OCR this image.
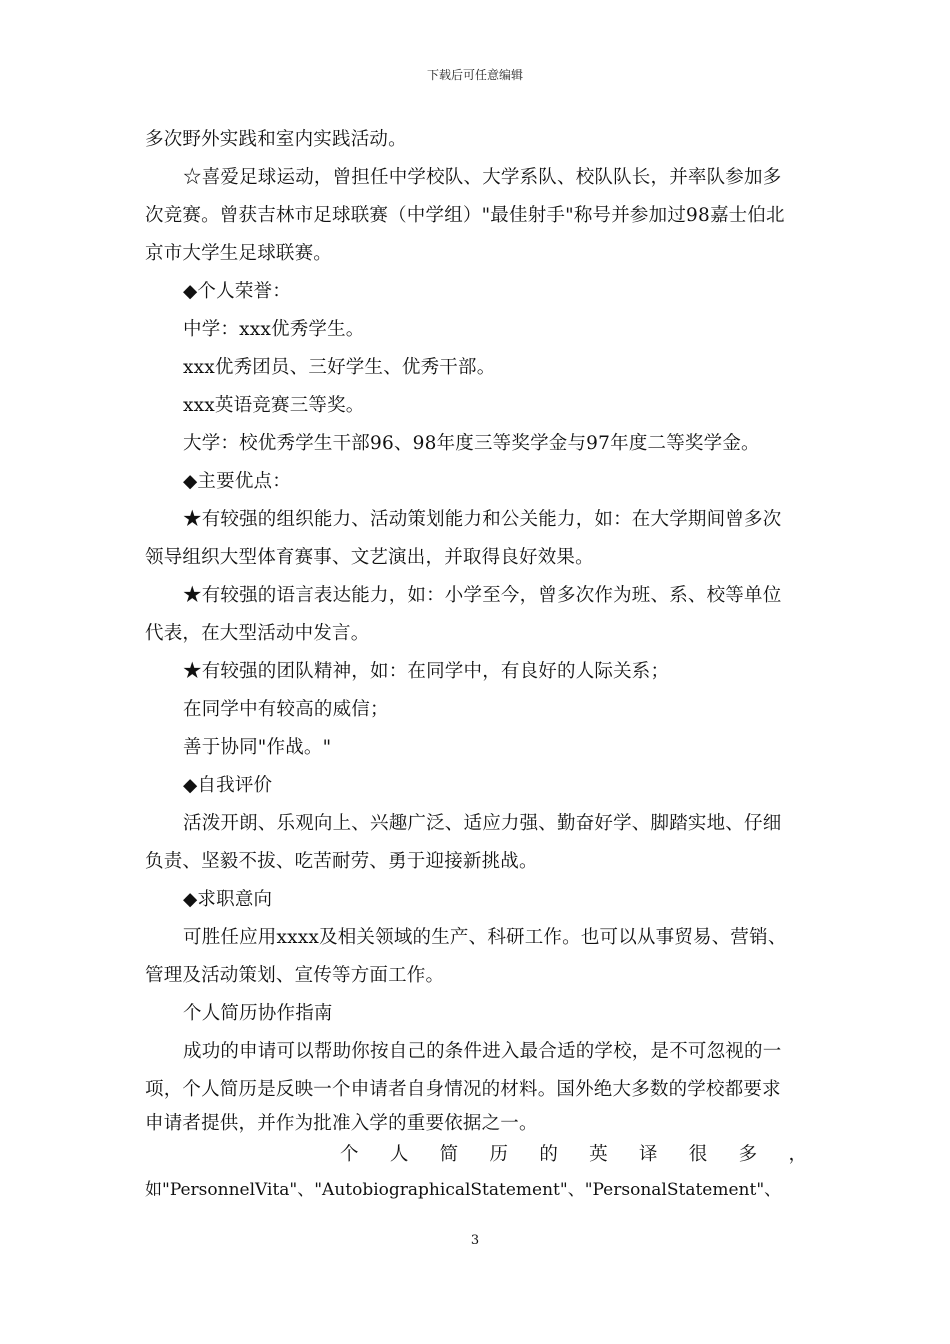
下载后可任意编辑
多次野外实践和室内实践活动。
☆喜爱足球运动，曾担任中学校队、大学系队、校队队长，并率队参加多
次竞赛。曾获吉林市足球联赛（中学组）"最佳射手"称号并参加过98嘉士伯北
京市大学生足球联赛。
◆个人荣誉：
中学：xxx优秀学生。
xxx优秀团员、三好学生、优秀干部。
xxx英语竞赛三等奖。
大学：校优秀学生干部96、98年度三等奖学金与97年度二等奖学金。
◆主要优点：
★有较强的组织能力、活动策划能力和公关能力，如：在大学期间曾多次
领导组织大型体育赛事、文艺演出，并取得良好效果。
★有较强的语言表达能力，如：小学至今，曾多次作为班、系、校等单位
代表，在大型活动中发言。
★有较强的团队精神，如：在同学中，有良好的人际关系；
在同学中有较高的威信；
善于协同"作战。"
◆自我评价
活泼开朗、乐观向上、兴趣广泛、适应力强、勤奋好学、脚踏实地、仔细
负责、坚毅不拔、吃苦耐劳、勇于迎接新挑战。
◆求职意向
可胜任应用xxxx及相关领域的生产、科研工作。也可以从事贸易、营销、
管理及活动策划、宣传等方面工作。
个人简历协作指南
成功的申请可以帮助你按自己的条件进入最合适的学校，是不可忽视的一
项，个人简历是反映一个申请者自身情况的材料。国外绝大多数的学校都要求
申请者提供，并作为批准入学的重要依据之一。
个 人 简 历 的 英 译 很 多 ，
如"PersonnelVita"、"AutobiographicalStatement"、"PersonalStatement"、
3
